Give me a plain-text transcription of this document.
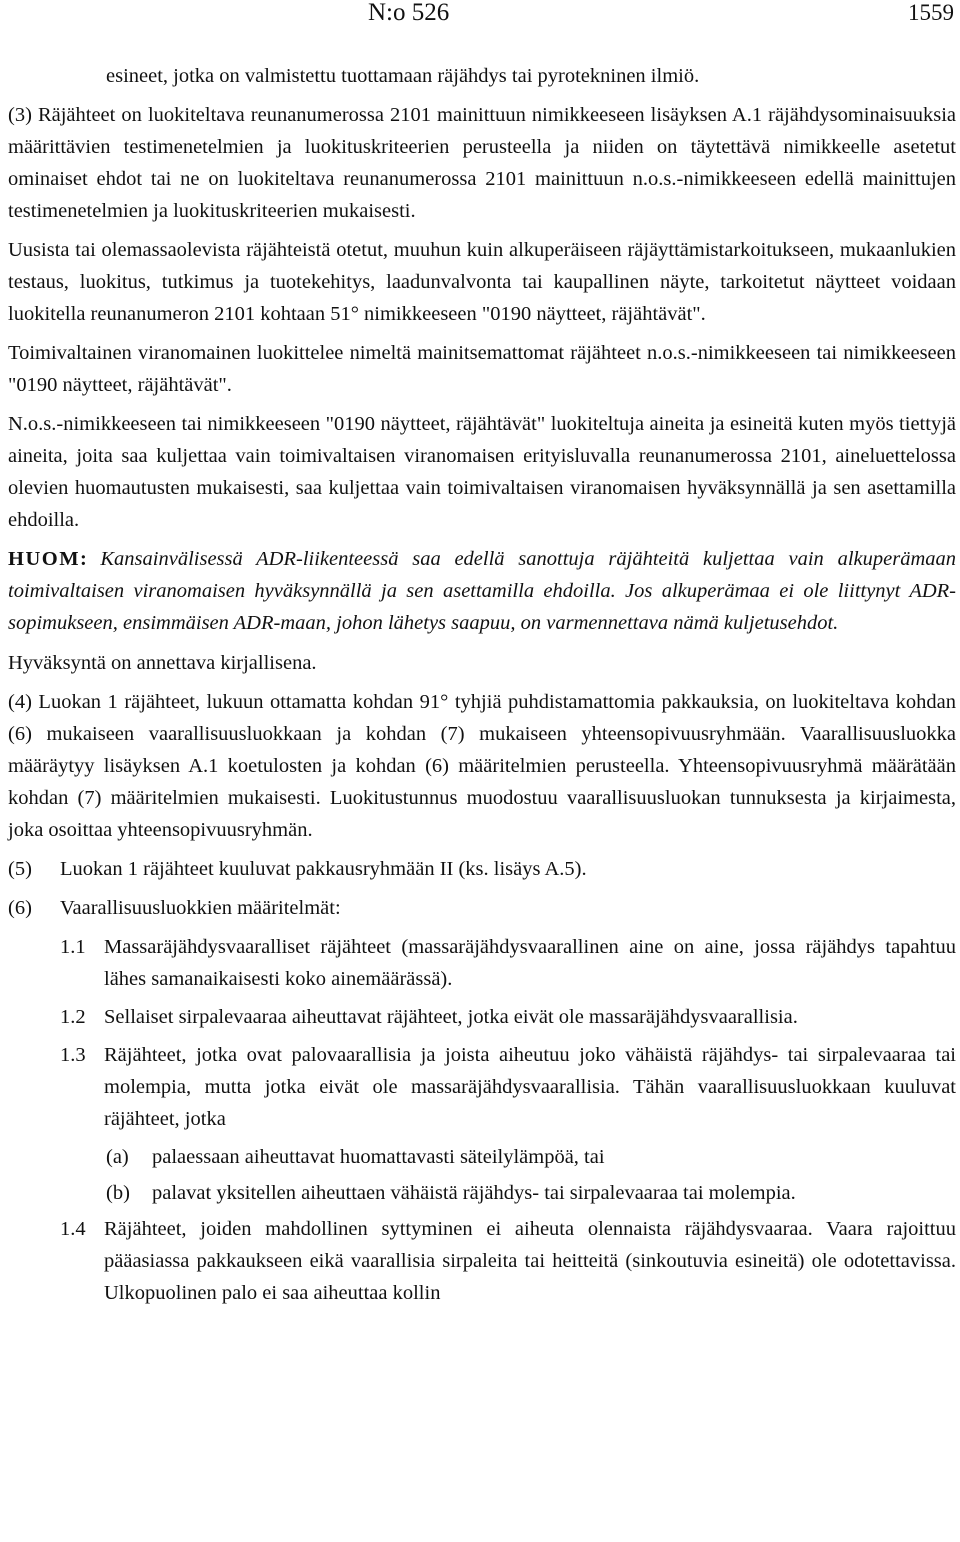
N:o 526	1559

esineet, jotka on valmistettu tuottamaan räjähdys tai pyrotekninen ilmiö.

(3) Räjähteet on luokiteltava reunanumerossa 2101 mainittuun nimikkeeseen lisäyksen A.1 räjähdysominaisuuksia määrittävien testimenetelmien ja luokituskriteerien perusteella ja niiden on täytettävä nimikkeelle asetetut ominaiset ehdot tai ne on luokiteltava reunanumerossa 2101 mainittuun n.o.s.-nimikkeeseen edellä mainittujen testimenetelmien ja luokituskriteerien mukaisesti.

Uusista tai olemassaolevista räjähteistä otetut, muuhun kuin alkuperäiseen räjäyttämistarkoitukseen, mukaanlukien testaus, luokitus, tutkimus ja tuotekehitys, laadunvalvonta tai kaupallinen näyte, tarkoitetut näytteet voidaan luokitella reunanumeron 2101 kohtaan 51° nimikkeeseen "0190 näytteet, räjähtävät".

Toimivaltainen viranomainen luokittelee nimeltä mainitsemattomat räjähteet n.o.s.-nimikkeeseen tai nimikkeeseen "0190 näytteet, räjähtävät".

N.o.s.-nimikkeeseen tai nimikkeeseen "0190 näytteet, räjähtävät" luokiteltuja aineita ja esineitä kuten myös tiettyjä aineita, joita saa kuljettaa vain toimivaltaisen viranomaisen erityisluvalla reunanumerossa 2101, aineluettelossa olevien huomautusten mukaisesti, saa kuljettaa vain toimivaltaisen viranomaisen hyväksynnällä ja sen asettamilla ehdoilla.

HUOM: Kansainvälisessä ADR-liikenteessä saa edellä sanottuja räjähteitä kuljettaa vain alkuperämaan toimivaltaisen viranomaisen hyväksynnällä ja sen asettamilla ehdoilla. Jos alkuperämaa ei ole liittynyt ADR-sopimukseen, ensimmäisen ADR-maan, johon lähetys saapuu, on varmennettava nämä kuljetusehdot.

Hyväksyntä on annettava kirjallisena.

(4) Luokan 1 räjähteet, lukuun ottamatta kohdan 91° tyhjiä puhdistamattomia pakkauksia, on luokiteltava kohdan (6) mukaiseen vaarallisuusluokkaan ja kohdan (7) mukaiseen yhteensopivuusryhmään. Vaarallisuusluokka määräytyy lisäyksen A.1 koetulosten ja kohdan (6) määritelmien perusteella. Yhteensopivuusryhmä määrätään kohdan (7) määritelmien mukaisesti. Luokitustunnus muodostuu vaarallisuusluokan tunnuksesta ja kirjaimesta, joka osoittaa yhteensopivuusryhmän.

(5) Luokan 1 räjähteet kuuluvat pakkausryhmään II (ks. lisäys A.5).

(6) Vaarallisuusluokkien määritelmät:

1.1 Massaräjähdysvaaralliset räjähteet (massaräjähdysvaarallinen aine on aine, jossa räjähdys tapahtuu lähes samanaikaisesti koko ainemäärässä).

1.2 Sellaiset sirpalevaaraa aiheuttavat räjähteet, jotka eivät ole massaräjähdysvaarallisia.

1.3 Räjähteet, jotka ovat palovaarallisia ja joista aiheutuu joko vähäistä räjähdys- tai sirpalevaaraa tai molempia, mutta jotka eivät ole massaräjähdysvaarallisia. Tähän vaarallisuusluokkaan kuuluvat räjähteet, jotka

(a) palaessaan aiheuttavat huomattavasti säteilylämpöä, tai

(b) palavat yksitellen aiheuttaen vähäistä räjähdys- tai sirpalevaaraa tai molempia.

1.4 Räjähteet, joiden mahdollinen syttyminen ei aiheuta olennaista räjähdysvaaraa. Vaara rajoittuu pääasiassa pakkaukseen eikä vaarallisia sirpaleita tai heitteitä (sinkoutuvia esineitä) ole odotettavissa. Ulkopuolinen palo ei saa aiheuttaa kollin
